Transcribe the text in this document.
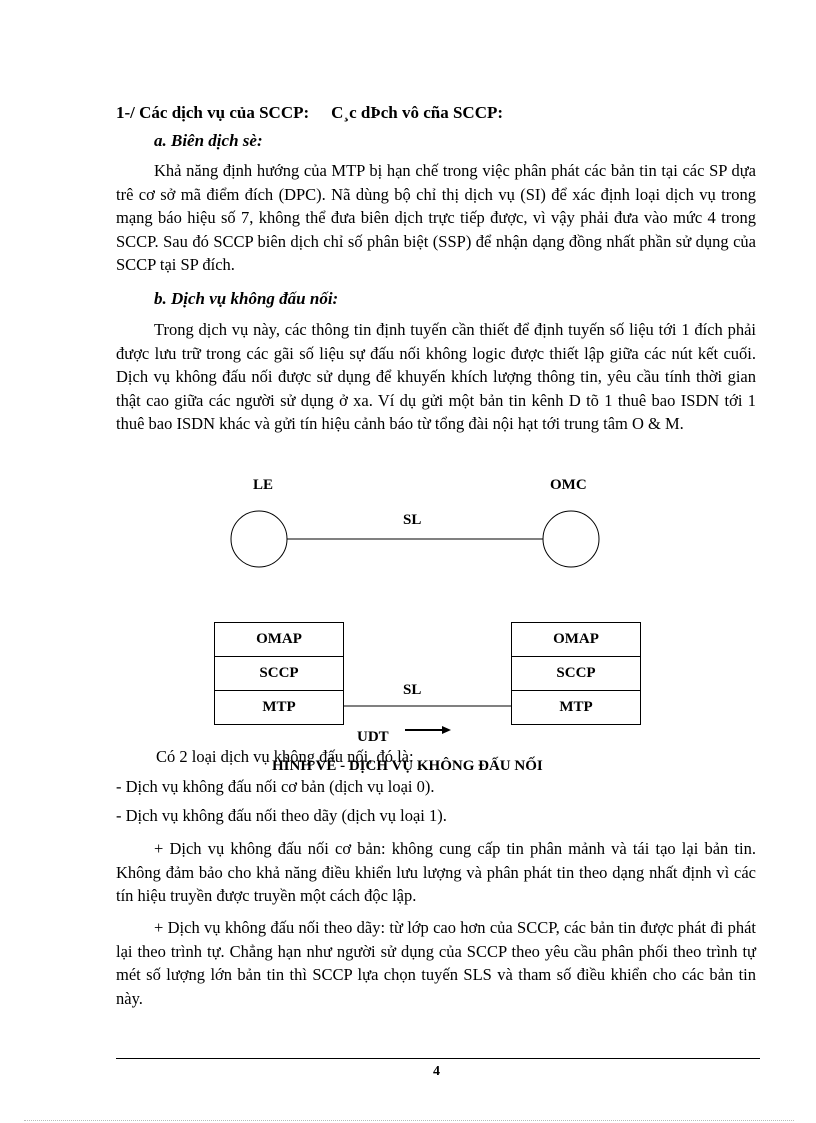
1-/ Các dịch vụ của SCCP: C¸c dÞch vô cña SCCP:
a. Biên dịch sè:

Khả năng định hướng của MTP bị hạn chế trong việc phân phát các bản tin tại các SP dựa trê cơ sở mã điểm đích (DPC). Nã dùng bộ chỉ thị dịch vụ (SI) để xác định loại dịch vụ trong mạng báo hiệu số 7, không thể đưa biên dịch trực tiếp được, vì vậy phải đưa vào mức 4 trong SCCP. Sau đó SCCP biên dịch chỉ số phân biệt (SSP) để nhận dạng đồng nhất phần sử dụng của SCCP tại SP đích.

b. Dịch vụ không đấu nối:

Trong dịch vụ này, các thông tin định tuyến cần thiết để định tuyến số liệu tới 1 đích phải được lưu trữ trong các gãi số liệu sự đấu nối không logic được thiết lập giữa các nút kết cuối. Dịch vụ không đấu nối được sử dụng để khuyến khích lượng thông tin, yêu cầu tính thời gian thật cao giữa các người sử dụng ở xa. Ví dụ gửi một bản tin kênh D tõ 1 thuê bao ISDN tới 1 thuê bao ISDN khác và gửi tín hiệu cảnh báo từ tổng đài nội hạt tới trung tâm O & M.

LE	OMC
SL
SL
OMAP
SCCP
MTP
OMAP
SCCP
MTP
UDT
Có 2 loại dịch vụ không đấu nối, đó là:
HÌNH VẼ - DỊCH VỤ KHÔNG ĐẤU NỐI
- Dịch vụ không đấu nối cơ bản (dịch vụ loại 0).
- Dịch vụ không đấu nối theo dãy (dịch vụ loại 1).

+ Dịch vụ không đấu nối cơ bản: không cung cấp tin phân mảnh và tái tạo lại bản tin. Không đảm bảo cho khả năng điều khiển lưu lượng và phân phát tin theo dạng nhất định vì các tín hiệu truyền được truyền một cách độc lập.

+ Dịch vụ không đấu nối theo dãy: từ lớp cao hơn của SCCP, các bản tin được phát đi phát lại theo trình tự. Chẳng hạn như người sử dụng của SCCP theo yêu cầu phân phối theo trình tự mét số lượng lớn bản tin thì SCCP lựa chọn tuyến SLS và tham số điều khiển cho các bản tin này.

4
